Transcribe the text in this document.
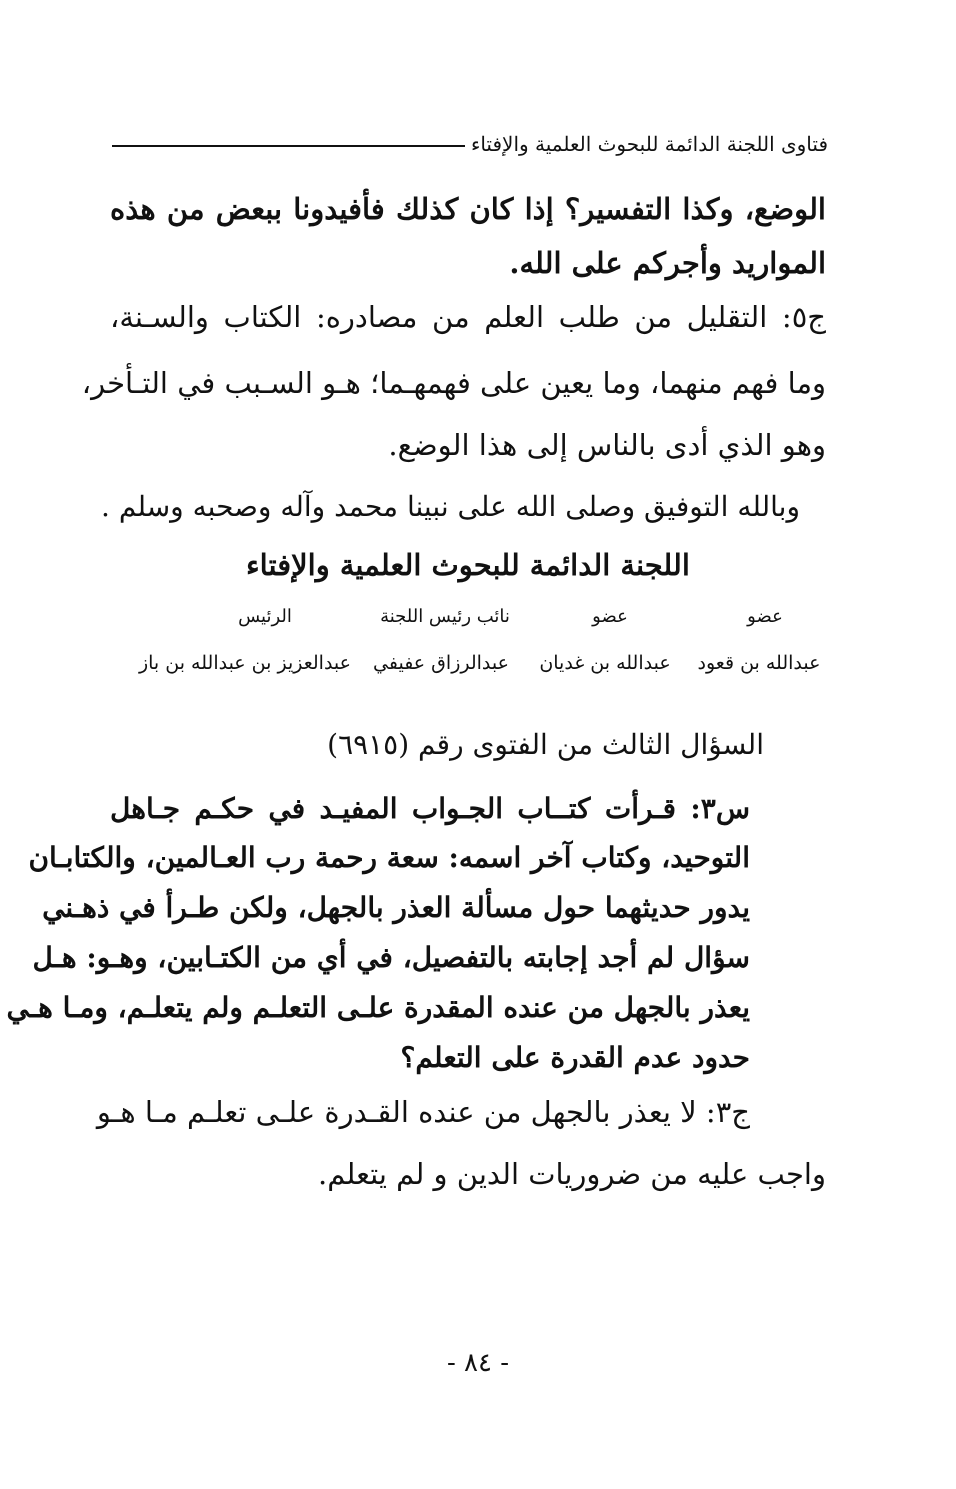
فتاوى اللجنة الدائمة للبحوث العلمية والإفتاء
الوضع، وكذا التفسير؟ إذا كان كذلك فأفيدونا ببعض من هذه
الموارید وأجركم على الله.
ج٥: التقليل من طلب العلم من مصادره: الكتاب والسـنة،
وما فهم منهما، وما يعين على فهمهـما؛ هـو السـبب في التـأخر،
وهو الذي أدى بالناس إلى هذا الوضع.
وبالله التوفيق وصلى الله على نبينا محمد وآله وصحبه وسلم .
اللجنة الدائمة للبحوث العلمية والإفتاء
الرئيس	نائب رئيس اللجنة	عضو	عضو
عبدالعزيز بن عبدالله بن باز	عبدالرزاق عفيفي	عبدالله بن غديان	عبدالله بن قعود
السؤال الثالث من الفتوى رقم (٦٩١٥)
س٣: قـرأت كتــاب الجـواب المفيـد في حكـم جـاهل
التوحيد، وكتاب آخر اسمه: سعة رحمة رب العـالمين، والكتابـان
يدور حديثهما حول مسألة العذر بالجهل، ولكن طـرأ في ذهـني
سؤال لم أجد إجابته بالتفصيل، في أي من الكتـابين، وهـو: هـل
يعذر بالجهل من عنده المقدرة علـى التعلـم ولم يتعلـم، ومـا هـي
حدود عدم القدرة على التعلم؟
ج٣: لا يعذر بالجهل من عنده القـدرة علـى تعلـم مـا هـو
واجب عليه من ضروريات الدين و لم يتعلم.
- ٨٤ -
